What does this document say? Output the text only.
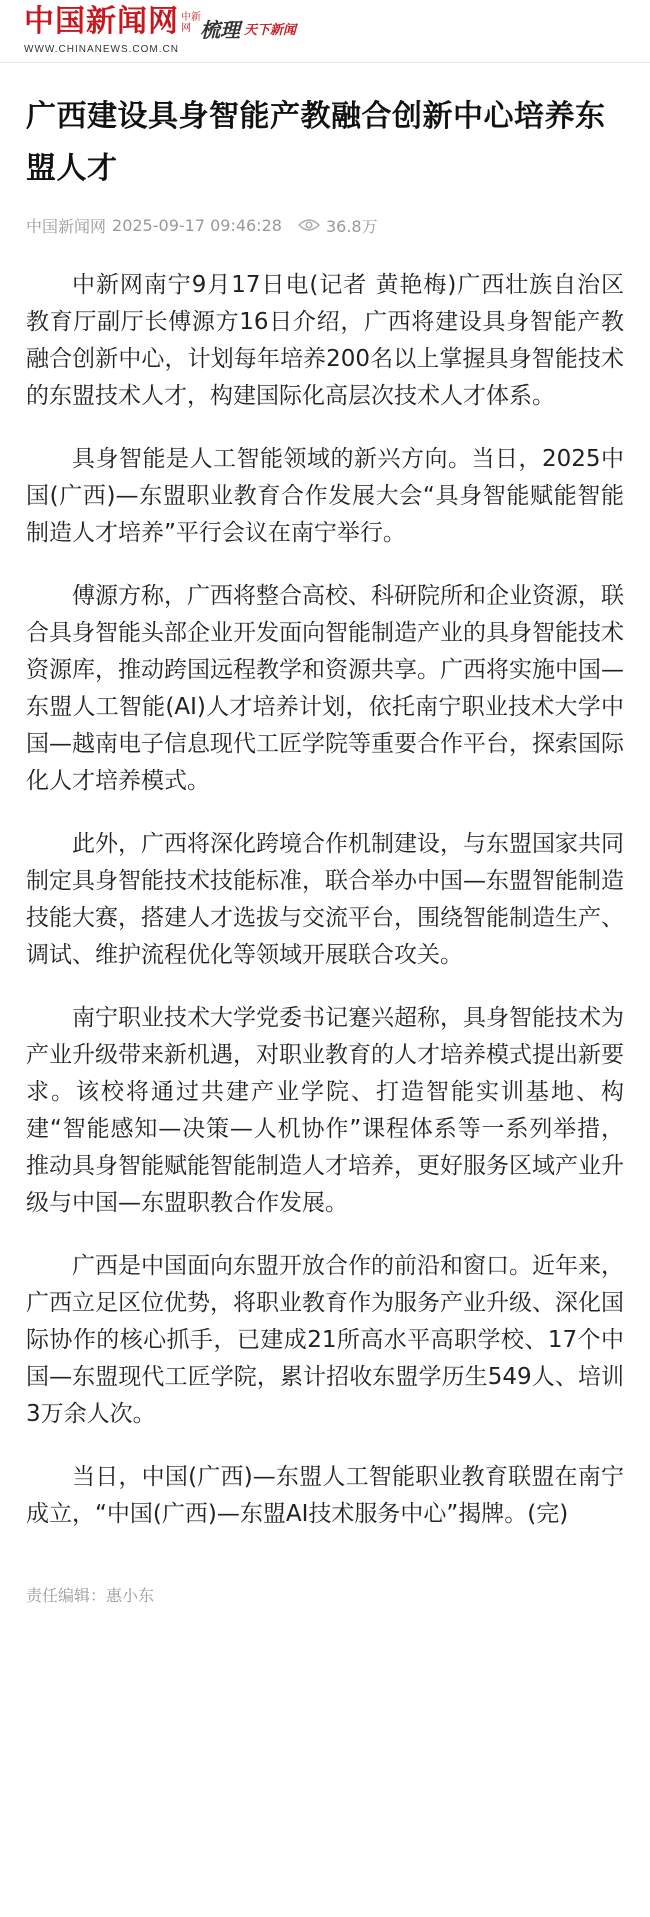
中国新闻网 中新网
WWW.CHINANEWS.COM.CN
梳理 天下新闻
广西建设具身智能产教融合创新中心培养东盟人才
中国新闻网 2025-09-17 09:46:28	36.8万

中新网南宁9月17日电(记者 黄艳梅)广西壮族自治区教育厅副厅长傅源方16日介绍，广西将建设具身智能产教融合创新中心，计划每年培养200名以上掌握具身智能技术的东盟技术人才，构建国际化高层次技术人才体系。

具身智能是人工智能领域的新兴方向。当日，2025中国(广西)—东盟职业教育合作发展大会“具身智能赋能智能制造人才培养”平行会议在南宁举行。

傅源方称，广西将整合高校、科研院所和企业资源，联合具身智能头部企业开发面向智能制造产业的具身智能技术资源库，推动跨国远程教学和资源共享。广西将实施中国—东盟人工智能(AI)人才培养计划，依托南宁职业技术大学中国—越南电子信息现代工匠学院等重要合作平台，探索国际化人才培养模式。

此外，广西将深化跨境合作机制建设，与东盟国家共同制定具身智能技术技能标准，联合举办中国—东盟智能制造技能大赛，搭建人才选拔与交流平台，围绕智能制造生产、调试、维护流程优化等领域开展联合攻关。

南宁职业技术大学党委书记蹇兴超称，具身智能技术为产业升级带来新机遇，对职业教育的人才培养模式提出新要求。该校将通过共建产业学院、打造智能实训基地、构建“智能感知—决策—人机协作”课程体系等一系列举措，推动具身智能赋能智能制造人才培养，更好服务区域产业升级与中国—东盟职教合作发展。

广西是中国面向东盟开放合作的前沿和窗口。近年来，广西立足区位优势，将职业教育作为服务产业升级、深化国际协作的核心抓手，已建成21所高水平高职学校、17个中国—东盟现代工匠学院，累计招收东盟学历生549人、培训3万余人次。

当日，中国(广西)—东盟人工智能职业教育联盟在南宁成立，“中国(广西)—东盟AI技术服务中心”揭牌。(完)

责任编辑：惠小东
